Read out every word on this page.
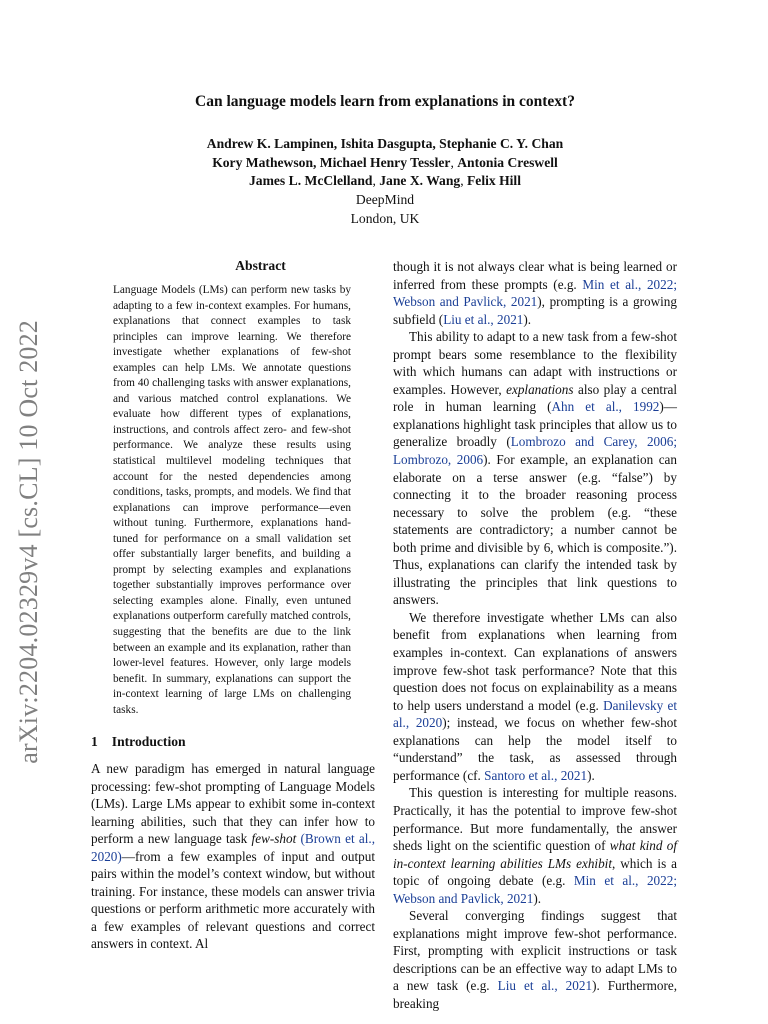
arXiv:2204.02329v4 [cs.CL] 10 Oct 2022
Can language models learn from explanations in context?
Andrew K. Lampinen, Ishita Dasgupta, Stephanie C. Y. Chan
Kory Mathewson, Michael Henry Tessler, Antonia Creswell
James L. McClelland, Jane X. Wang, Felix Hill
DeepMind
London, UK
Abstract

Language Models (LMs) can perform new tasks by adapting to a few in-context examples. For humans, explanations that connect examples to task principles can improve learning. We therefore investigate whether explanations of few-shot examples can help LMs. We annotate questions from 40 challenging tasks with answer explanations, and various matched control explanations. We evaluate how different types of explanations, instructions, and controls affect zero- and few-shot performance. We analyze these results using statistical multilevel modeling techniques that account for the nested dependencies among conditions, tasks, prompts, and models. We find that explanations can improve performance—even without tuning. Furthermore, explanations hand-tuned for performance on a small validation set offer substantially larger benefits, and building a prompt by selecting examples and explanations together substantially improves performance over selecting examples alone. Finally, even untuned explanations outperform carefully matched controls, suggesting that the benefits are due to the link between an example and its explanation, rather than lower-level features. However, only large models benefit. In summary, explanations can support the in-context learning of large LMs on challenging tasks.

1 Introduction

A new paradigm has emerged in natural language processing: few-shot prompting of Language Models (LMs). Large LMs appear to exhibit some in-context learning abilities, such that they can infer how to perform a new language task few-shot (Brown et al., 2020)—from a few examples of input and output pairs within the model’s context window, but without training. For instance, these models can answer trivia questions or perform arithmetic more accurately with a few examples of relevant questions and correct answers in context. Al

though it is not always clear what is being learned or inferred from these prompts (e.g. Min et al., 2022; Webson and Pavlick, 2021), prompting is a growing subfield (Liu et al., 2021).

This ability to adapt to a new task from a few-shot prompt bears some resemblance to the flexibility with which humans can adapt with instructions or examples. However, explanations also play a central role in human learning (Ahn et al., 1992)—explanations highlight task principles that allow us to generalize broadly (Lombrozo and Carey, 2006; Lombrozo, 2006). For example, an explanation can elaborate on a terse answer (e.g. “false”) by connecting it to the broader reasoning process necessary to solve the problem (e.g. “these statements are contradictory; a number cannot be both prime and divisible by 6, which is composite.”). Thus, explanations can clarify the intended task by illustrating the principles that link questions to answers.

We therefore investigate whether LMs can also benefit from explanations when learning from examples in-context. Can explanations of answers improve few-shot task performance? Note that this question does not focus on explainability as a means to help users understand a model (e.g. Danilevsky et al., 2020); instead, we focus on whether few-shot explanations can help the model itself to “understand” the task, as assessed through performance (cf. Santoro et al., 2021).

This question is interesting for multiple reasons. Practically, it has the potential to improve few-shot performance. But more fundamentally, the answer sheds light on the scientific question of what kind of in-context learning abilities LMs exhibit, which is a topic of ongoing debate (e.g. Min et al., 2022; Webson and Pavlick, 2021).

Several converging findings suggest that explanations might improve few-shot performance. First, prompting with explicit instructions or task descriptions can be an effective way to adapt LMs to a new task (e.g. Liu et al., 2021). Furthermore, breaking
